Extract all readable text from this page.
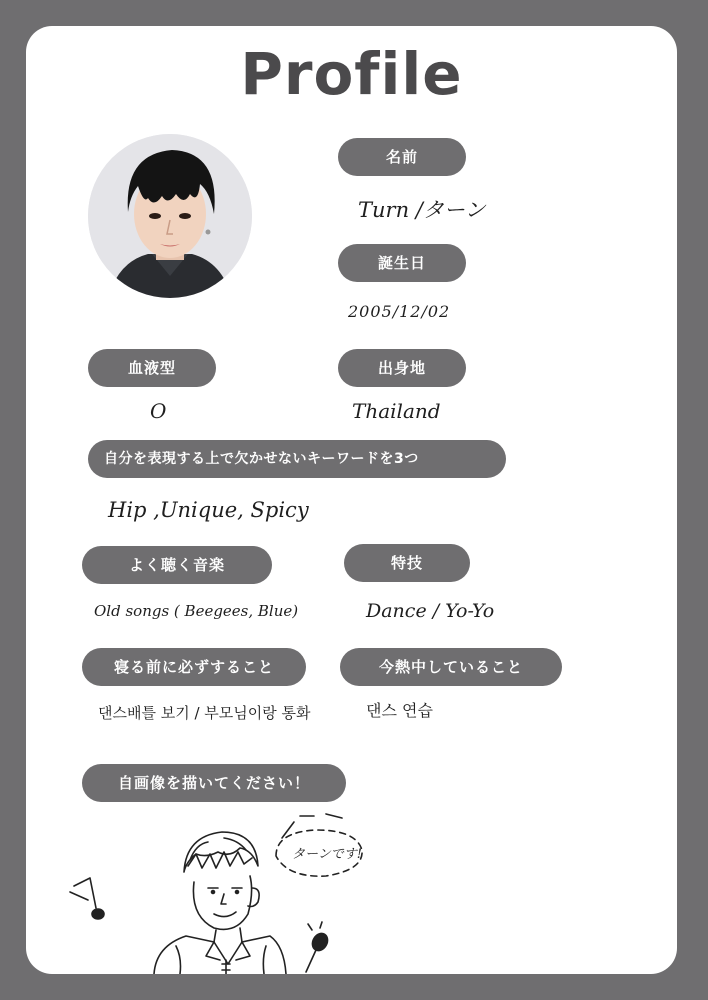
Profile
名前
Turn /ターン
誕生日
2005/12/02
血液型
O
出身地
Thailand
自分を表現する上で欠かせないキーワードを3つ
Hip ,Unique, Spicy
よく聴く音楽
Old songs ( Beegees, Blue)
特技
Dance / Yo-Yo
寝る前に必ずすること
댄스배틀 보기 / 부모님이랑 통화
今熱中していること
댄스 연습
自画像を描いてください！
ターンです!
